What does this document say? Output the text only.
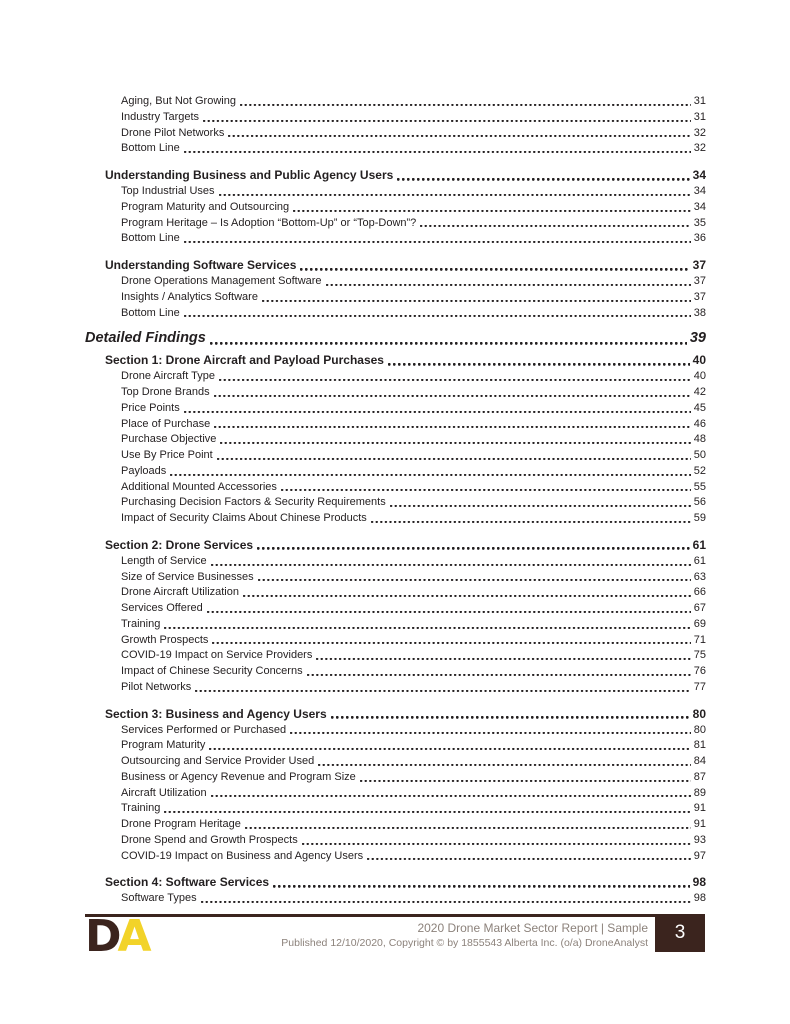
Aging, But Not Growing	31
Industry Targets	31
Drone Pilot Networks	32
Bottom Line	32
Understanding Business and Public Agency Users	34
Top Industrial Uses	34
Program Maturity and Outsourcing	34
Program Heritage – Is Adoption “Bottom-Up” or “Top-Down”?	35
Bottom Line	36
Understanding Software Services	37
Drone Operations Management Software	37
Insights / Analytics Software	37
Bottom Line	38
Detailed Findings	39
Section 1: Drone Aircraft and Payload Purchases	40
Drone Aircraft Type	40
Top Drone Brands	42
Price Points	45
Place of Purchase	46
Purchase Objective	48
Use By Price Point	50
Payloads	52
Additional Mounted Accessories	55
Purchasing Decision Factors & Security Requirements	56
Impact of Security Claims About Chinese Products	59
Section 2: Drone Services	61
Length of Service	61
Size of Service Businesses	63
Drone Aircraft Utilization	66
Services Offered	67
Training	69
Growth Prospects	71
COVID-19 Impact on Service Providers	75
Impact of Chinese Security Concerns	76
Pilot Networks	77
Section 3: Business and Agency Users	80
Services Performed or Purchased	80
Program Maturity	81
Outsourcing and Service Provider Used	84
Business or Agency Revenue and Program Size	87
Aircraft Utilization	89
Training	91
Drone Program Heritage	91
Drone Spend and Growth Prospects	93
COVID-19 Impact on Business and Agency Users	97
Section 4: Software Services	98
Software Types	98
DA	2020 Drone Market Sector Report | Sample
Published 12/10/2020, Copyright © by 1855543 Alberta Inc. (o/a) DroneAnalyst 3
